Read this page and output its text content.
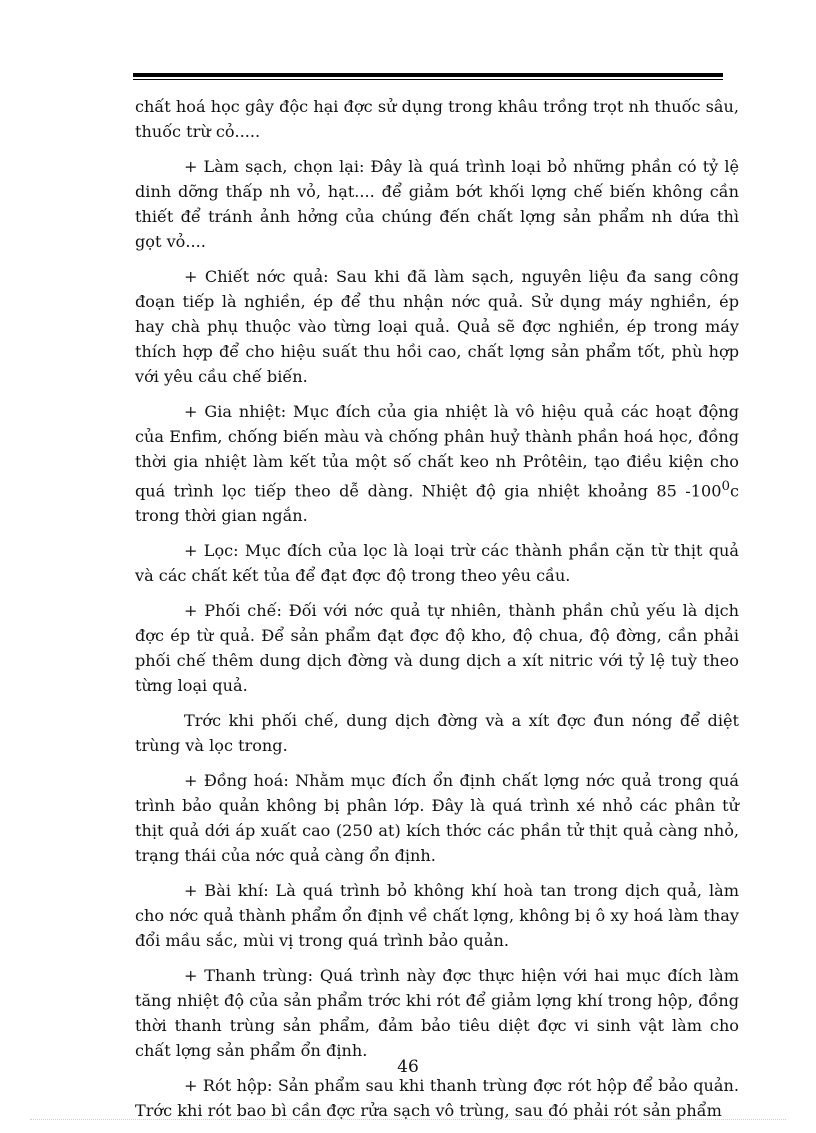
chất hoá học gây độc hại đợc sử dụng trong khâu trồng trọt nh thuốc sâu, thuốc trừ cỏ.....

+ Làm sạch, chọn lại: Đây là quá trình loại bỏ những phần có tỷ lệ dinh dỡng thấp nh vỏ, hạt.... để giảm bớt khối lợng chế biến không cần thiết để tránh ảnh hởng của chúng đến chất lợng sản phẩm nh dứa thì gọt vỏ....

+ Chiết nớc quả: Sau khi đã làm sạch, nguyên liệu đa sang công đoạn tiếp là nghiền, ép để thu nhận nớc quả. Sử dụng máy nghiền, ép hay chà phụ thuộc vào từng loại quả. Quả sẽ đợc nghiền, ép trong máy thích hợp để cho hiệu suất thu hồi cao, chất lợng sản phẩm tốt, phù hợp với yêu cầu chế biến.

+ Gia nhiệt: Mục đích của gia nhiệt là vô hiệu quả các hoạt động của Enfim, chống biến màu và chống phân huỷ thành phần hoá học, đồng thời gia nhiệt làm kết tủa một số chất keo nh Prôtêin, tạo điều kiện cho quá trình lọc tiếp theo dễ dàng. Nhiệt độ gia nhiệt khoảng 85 $-100^0c$ trong thời gian ngắn.

+ Lọc: Mục đích của lọc là loại trừ các thành phần cặn từ thịt quả và các chất kết tủa để đạt đợc độ trong theo yêu cầu.

+ Phối chế: Đối với nớc quả tự nhiên, thành phần chủ yếu là dịch đợc ép từ quả. Để sản phẩm đạt đợc độ kho, độ chua, độ đờng, cần phải phối chế thêm dung dịch đờng và dung dịch a xít nitric với tỷ lệ tuỳ theo từng loại quả.

Trớc khi phối chế, dung dịch đờng và a xít đợc đun nóng để diệt trùng và lọc trong.

+ Đồng hoá: Nhằm mục đích ổn định chất lợng nớc quả trong quá trình bảo quản không bị phân lớp. Đây là quá trình xé nhỏ các phân tử thịt quả dới áp xuất cao (250 at) kích thớc các phần tử thịt quả càng nhỏ, trạng thái của nớc quả càng ổn định.

+ Bài khí: Là quá trình bỏ không khí hoà tan trong dịch quả, làm cho nớc quả thành phẩm ổn định về chất lợng, không bị ô xy hoá làm thay đổi mầu sắc, mùi vị trong quá trình bảo quản.

+ Thanh trùng: Quá trình này đợc thực hiện với hai mục đích làm tăng nhiệt độ của sản phẩm trớc khi rót để giảm lợng khí trong hộp, đồng thời thanh trùng sản phẩm, đảm bảo tiêu diệt đợc vi sinh vật làm cho chất lợng sản phẩm ổn định.

+ Rót hộp: Sản phẩm sau khi thanh trùng đợc rót hộp để bảo quản. Trớc khi rót bao bì cần đợc rửa sạch vô trùng, sau đó phải rót sản phẩm

46
